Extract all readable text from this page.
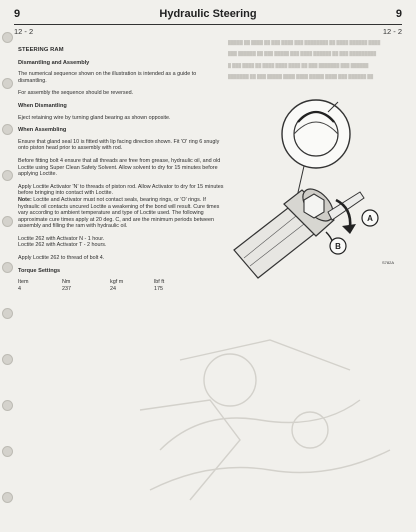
9	Hydraulic Steering	9
12 - 2	12 - 2

█████ ██ ████ ██ ███ ████ ███ ████████ ██ ████ ██████ ████

███ ██████ ██ ███ █████ ███ ████ ██████ ██ ███ █████████

█ ███ ████ ██ ████ ████ ████ ██ ███ ███████ ███ ██████

███████ ██ ███ █████ ████ ████ █████ ████ ███ ██████ ██

STEERING RAM
Dismantling and Assembly

The numerical sequence shown on the illustration is intended as a guide to dismantling.

For assembly the sequence should be reversed.

When Dismantling

Eject retaining wire by turning gland bearing as shown opposite.

When Assembling

Ensure that gland seal 10 is fitted with lip facing direction shown. Fit 'O' ring 6 snugly onto piston head prior to assembly with rod.

Before fitting bolt 4 ensure that all threads are free from grease, hydraulic oil, and old Loctite using Super Clean Safety Solvent. Allow solvent to dry for 15 minutes before applying Loctite.

Apply Loctite Activator 'N' to threads of piston rod. Allow Activator to dry for 15 minutes before bringing into contact with Loctite.

Note: Loctite and Activator must not contact seals, bearing rings, or 'O' rings. If hydraulic oil contacts uncured Loctite a weakening of the bond will result. Cure times vary according to ambient temperature and type of Loctite used. The following approximate cure times apply at 20 deg. C, and are the minimum periods between assembly and filling the ram with hydraulic oil.

Loctite 262 with Activator N - 1 hour.

Loctite 262 with Activator T - 2 hours.

Apply Loctite 262 to thread of bolt 4.

Torque Settings
Item	Nm	kgf m	lbf ft
4	237	24	175
A
B
S782A
